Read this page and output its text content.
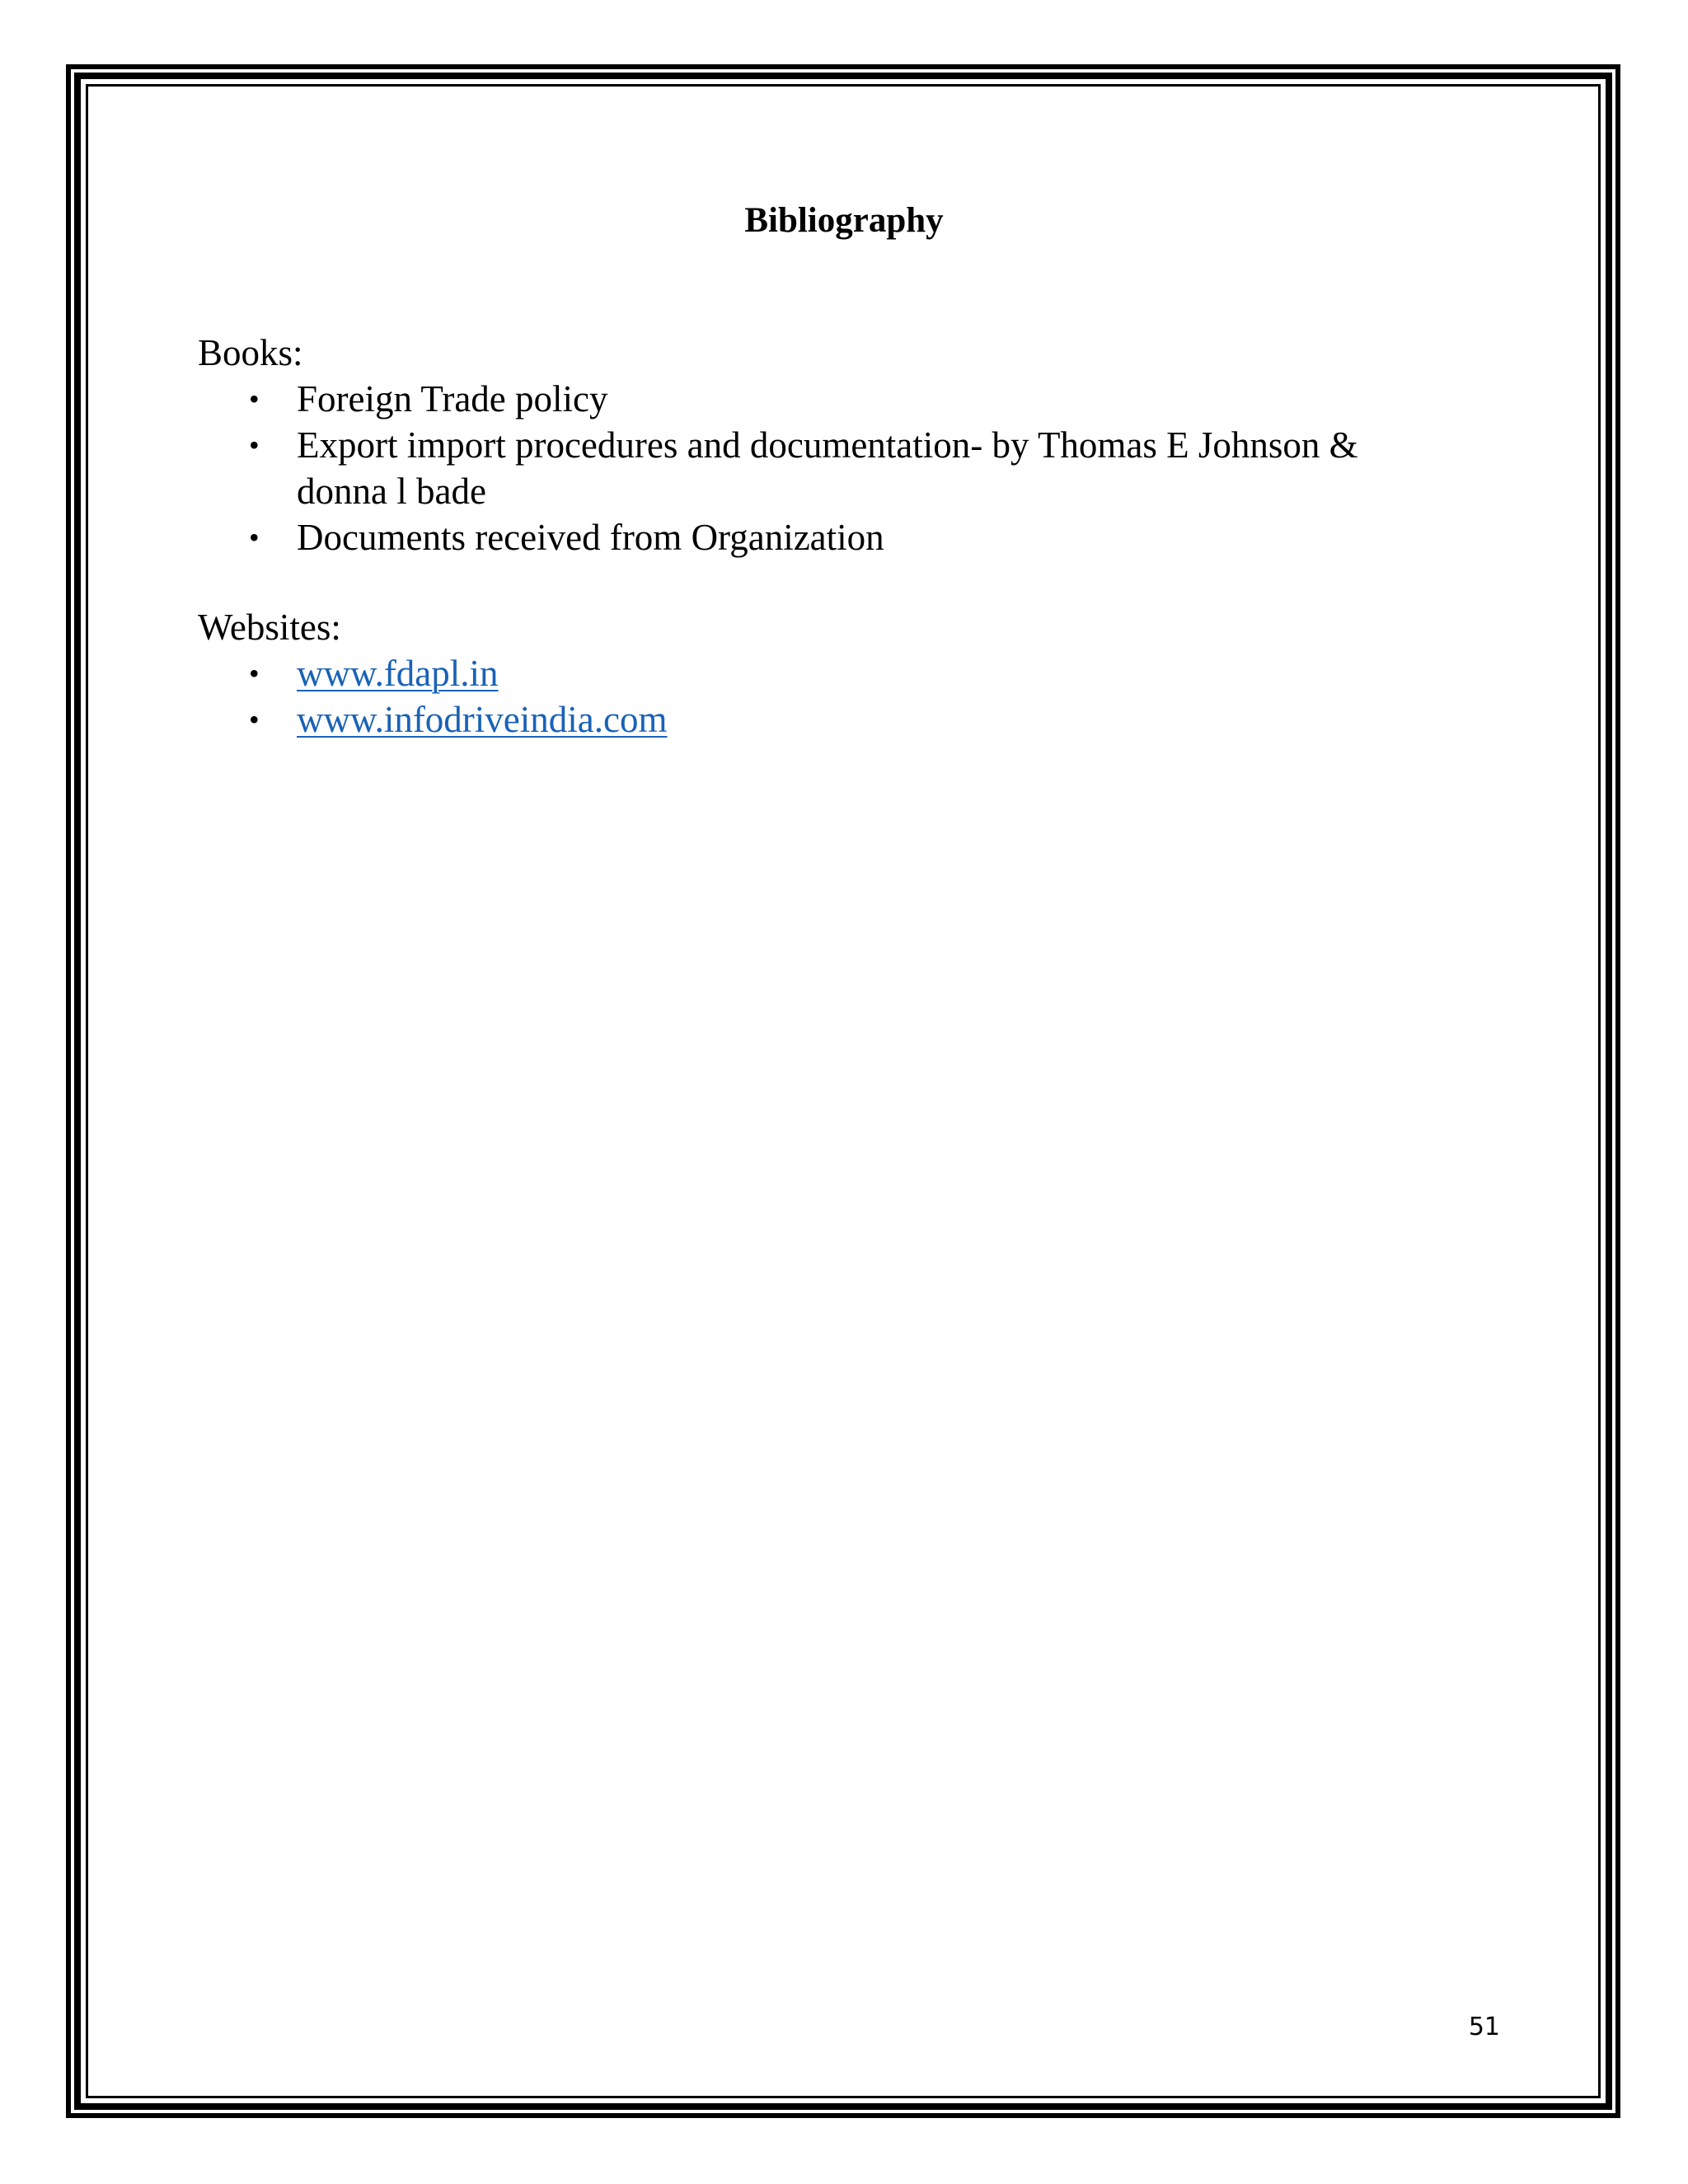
Bibliography
Books:
• Foreign Trade policy
• Export import procedures and documentation- by Thomas E Johnson & donna l bade
• Documents received from Organization
Websites:
• www.fdapl.in
• www.infodriveindia.com
51
